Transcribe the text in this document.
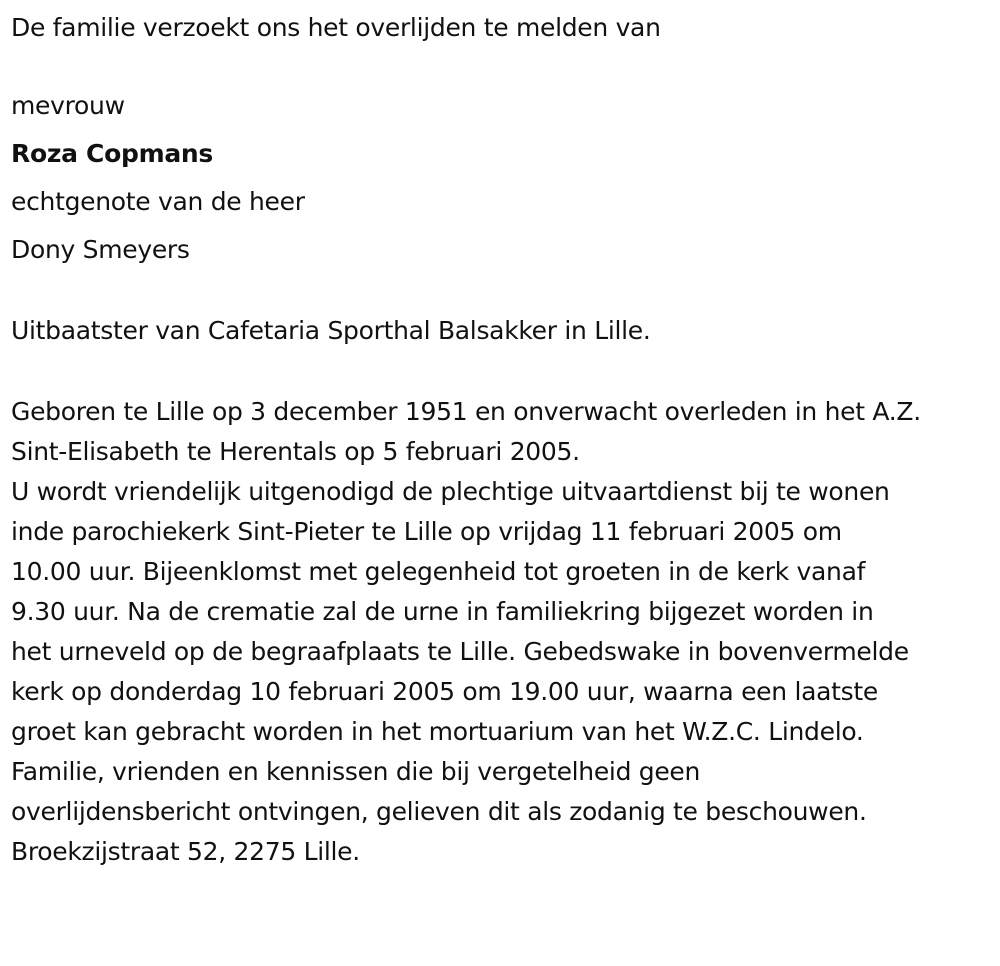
De familie verzoekt ons het overlijden te melden van
mevrouw
Roza Copmans
echtgenote van de heer
Dony Smeyers
Uitbaatster van Cafetaria Sporthal Balsakker in Lille.
Geboren te Lille op 3 december 1951 en onverwacht overleden in het A.Z.
Sint-Elisabeth te Herentals op 5 februari 2005.
U wordt vriendelijk uitgenodigd de plechtige uitvaartdienst bij te wonen
inde parochiekerk Sint-Pieter te Lille op vrijdag 11 februari 2005 om
10.00 uur. Bijeenklomst met gelegenheid tot groeten in de kerk vanaf
9.30 uur. Na de crematie zal de urne in familiekring bijgezet worden in
het urneveld op de begraafplaats te Lille. Gebedswake in bovenvermelde
kerk op donderdag 10 februari 2005 om 19.00 uur, waarna een laatste
groet kan gebracht worden in het mortuarium van het W.Z.C. Lindelo.
Familie, vrienden en kennissen die bij vergetelheid geen
overlijdensbericht ontvingen, gelieven dit als zodanig te beschouwen.
Broekzijstraat 52, 2275 Lille.
